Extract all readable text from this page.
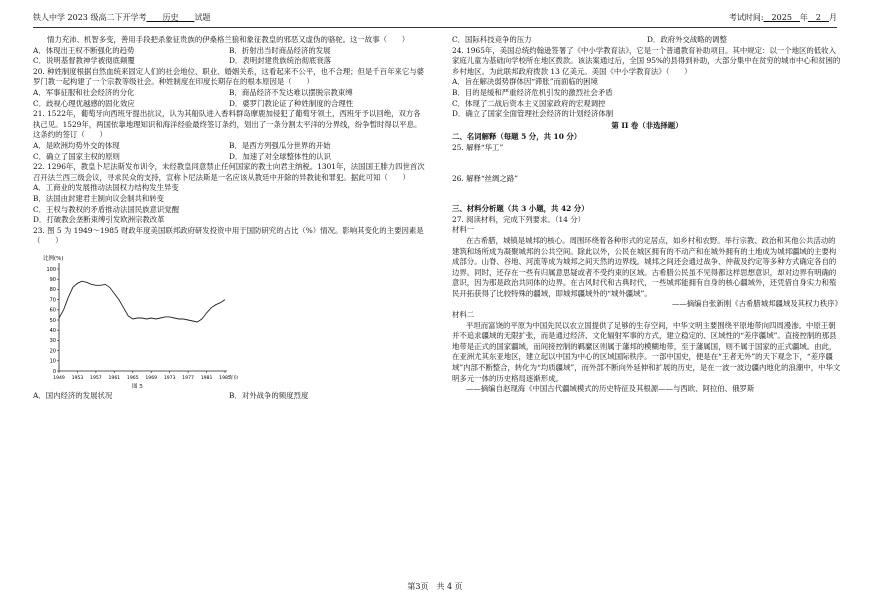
铁人中学 2023 级高二下开学考____历史____试题	考试时间:__2025__年__2__月

情力充沛、机智多变，善用手段把杀象征贵族的伊桑格兰狼和象征教皇的邪恶又虚伪的骆驼。这一故事（　　）

A．体现出王权不断强化的趋势	B．折射出当时商品经济的发展
C．说明基督教神学被彻底颠覆	D．表明封建贵族统治彻底衰落

20. 种姓制度根据自然血统来固定人们的社会地位、职业、婚姻关系，这看起来不公平，也不合理；但是千百年来它与婆罗门教一起构建了一个宗教等级社会。种姓制度在印度长期存在的根本原因是（　　）

A．军事征服和社会经济的分化	B．商品经济不发达难以摆脱宗教束缚
C．歧视心理优越感的固化效应	D．婆罗门教论证了种姓制度的合理性

21. 1522年，葡萄牙向西班牙提出抗议，认为其船队进入香料群岛摩鹿加侵犯了葡萄牙领土，西班牙予以回绝，双方各执己见。1529年，两国依靠地理知识和海洋经验最终签订条约，划出了一条分割太平洋的分界线，纷争暂时得以平息。这条约的签订（　　）

A．是欧洲均势外交的体现	B．是西方列强瓜分世界的开始
C．确立了国家主权的原则	D．加速了对全球整体性的认识

22. 1296年，教皇卜尼法斯发布训令，未经教皇同意禁止任何国家的教士向君主纳税。1301年，法国国王腓力四世首次召开法兰西三级会议，寻求民众的支持，宣称卜尼法斯是一名应该从教廷中开除的异教徒和罪犯。据此可知（　　）

A．工商业的发展推动法国权力结构发生异变

B．法国由封建君主制向议会制共和转变

C．王权与教权的矛盾推动法国民族意识觉醒

D．打破教会垄断束缚引发欧洲宗教改革

23. 图 5 为 1949～1985 财政年度美国联邦政府研发投资中用于国防研究的占比（%）情况。影响其变化的主要因素是（　　）

比例(%)
0
10
20
30
40
50
60
70
80
90
100
1949 1953 1957 1961 1965 1969 1973 1977 1981 1985
年份
图 5
A．国内经济的发展状况	B．对外战争的频度烈度
C．国际科技竞争的压力	D．政府外交战略的调整

24. 1965年，美国总统约翰逊签署了《中小学教育法》，它是一个普通教育补助项目。其中规定：以一个地区的低收入家庭儿童为基础向学校所在地区拨款。该法案通过后，全国 95%的县得到补助，大部分集中在贫穷的城市中心和贫困的乡村地区。为此联邦政府拨款 13 亿美元。美国《中小学教育法》（　　）

A．旨在解决弱势群体因“滞胀”而面临的困境

B．目的是缓和严重经济危机引发的激烈社会矛盾

C．体现了二战后资本主义国家政府的宏观调控

D．确立了国家全面管理社会经济的计划经济体制

第 II 卷（非选择题）

二、名词解释（每题 5 分，共 10 分）

25. 解释“华工”

26. 解释“丝绸之路”

三、材料分析题（共 3 小题，共 42 分）

27. 阅读材料，完成下列要求。（14 分）

材料一

在古希腊，城镇是城邦的核心。周围环绕着各种形式的定居点，如乡村和农野。举行宗教、政治和其他公共活动的建筑和场所成为凝聚城邦的公共空间。除此以外，公民在城区拥有的不动产和在城外拥有的土地成为城邦疆域的主要构成部分。山脊、谷地、河流等成为城邦之间天然的边界线。城邦之间还会通过战争、仲裁及约定等多种方式确定各自的边界。同时，还存在一些有归属意思疑或者不受约束的区域。古希腊公民虽不见得都这样思想意识，却对边界有明确的意识，因为那是政治共同体的边界。在古风时代和古典时代，一些城邦能拥有自身的核心疆域外，还凭借自身实力和殖民开拓获得了比较特殊的疆域，即城邦疆域外的“城外疆域”。

——摘编自张新刚《古希腊城邦疆域及其权力秩序》

材料二

平坦而富饶的平原为中国先民以农立国提供了足够的生存空间，中华文明主要围绕平原地带向四周漫渗。中原王朝并不追求疆域的无限扩张，而是通过经济、文化辐射军事的方式，建立稳定的、区域性的“差序疆域”。直接控制的那县地带是正式的国家疆域，而间接控制的羁縻区则属于藩邦的模糊地带，至于藩属国，则不属于国家的正式疆域。由此，在亚洲尤其东亚地区，建立起以中国为中心的区域国际秩序。一部中国史，便是在“王者无外”的天下观念下，“差序疆域”内部不断整合，转化为“均质疆域”，而外部不断向外延伸和扩展的历史，是在一波一波边疆内地化的浪潮中，中华文明多元一体的历史格局逐渐形成。

——摘编自赵现海《中国古代疆域模式的历史特征及其根源——与西欧、阿拉伯、俄罗斯

第3页　共 4 页
